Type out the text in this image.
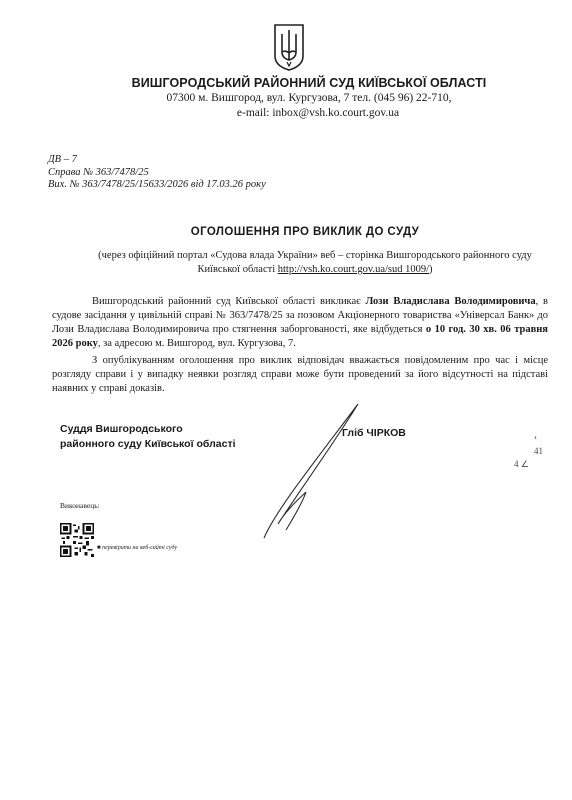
ВИШГОРОДСЬКИЙ РАЙОННИЙ СУД КИЇВСЬКОЇ ОБЛАСТІ
07300 м. Вишгород, вул. Кургузова, 7 тел. (045 96) 22-710,
e-mail: inbox@vsh.ko.court.gov.ua
ДВ – 7
Справа № 363/7478/25
Вих. № 363/7478/25/15633/2026 від 17.03.26 року
ОГОЛОШЕННЯ ПРО ВИКЛИК ДО СУДУ
(через офіційний портал «Судова влада України» веб – сторінка Вишгородського районного суду Київської області http://vsh.ko.court.gov.ua/sud 1009/)
Вишгородський районний суд Київської області викликає Лози Владислава Володимировича, в судове засідання у цивільній справі № 363/7478/25 за позовом Акціонерного товариства «Універсал Банк» до Лози Владислава Володимировича про стягнення заборгованості, яке відбудеться о 10 год. 30 хв. 06 травня 2026 року, за адресою м. Вишгород, вул. Кургузова, 7.
З опублікуванням оголошення про виклик відповідач вважається повідомленим про час і місце розгляду справи і у випадку неявки розгляд справи може бути проведений за його відсутності на підставі наявних у справі доказів.
Суддя Вишгородського
районного суду Київської області
Гліб ЧІРКОВ	‹
41
4 ∠
Виконавець:
■ перевірити на веб-сайті суду
